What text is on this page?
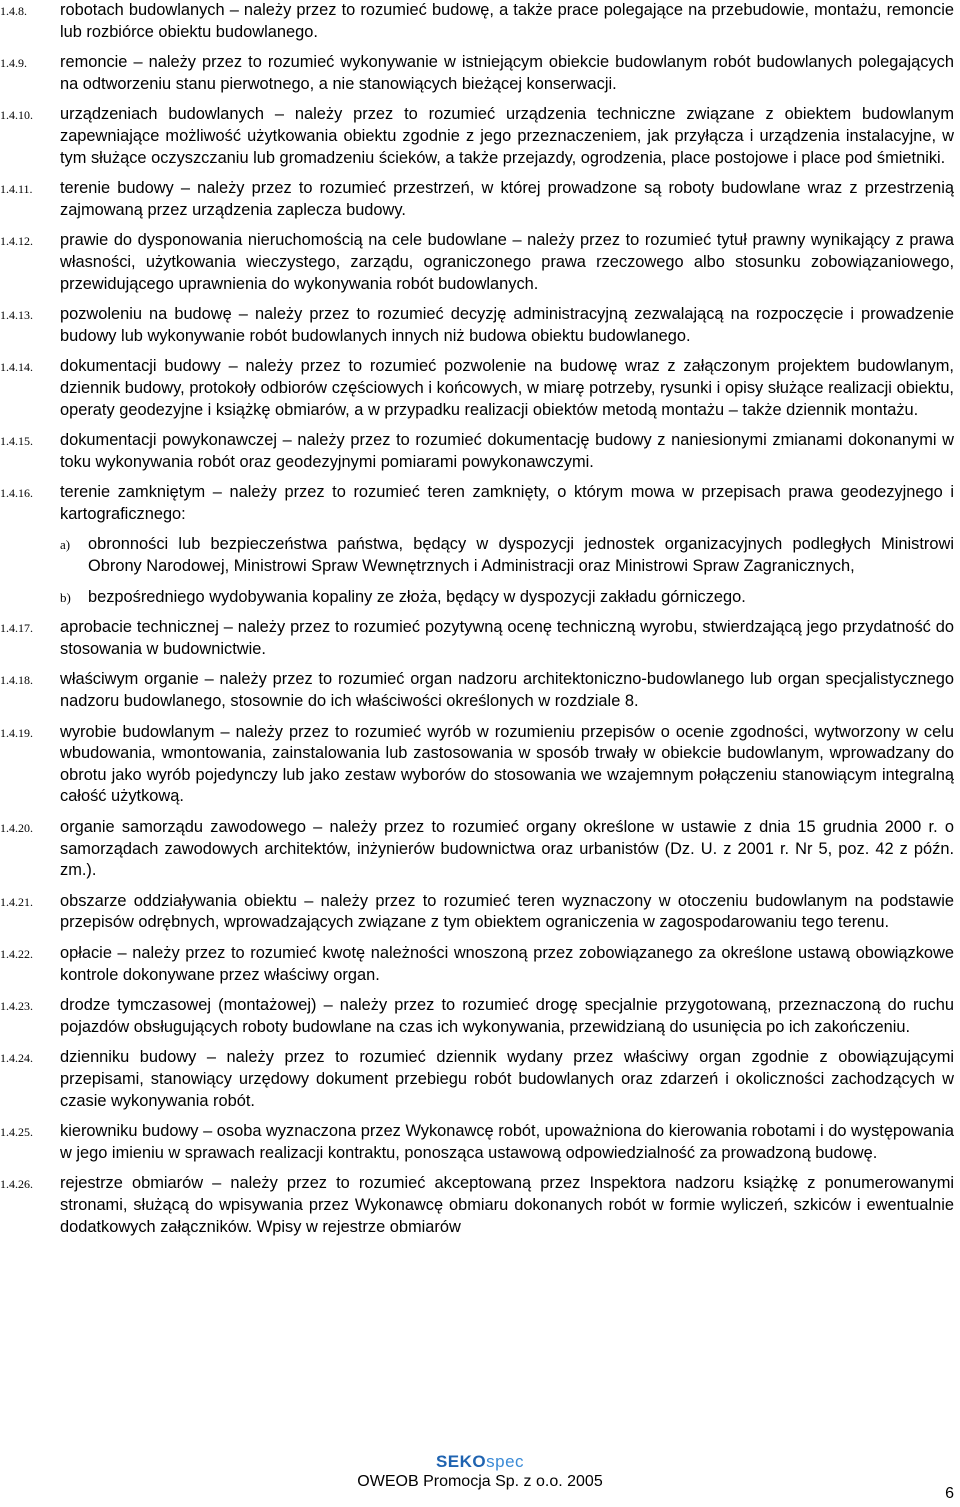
1.4.8.	robotach budowlanych – należy przez to rozumieć budowę, a także prace polegające na przebudowie, montażu, remoncie lub rozbiórce obiektu budowlanego.
1.4.9.	remoncie – należy przez to rozumieć wykonywanie w istniejącym obiekcie budowlanym robót budowlanych polegających na odtworzeniu stanu pierwotnego, a nie stanowiących bieżącej konserwacji.
1.4.10.	urządzeniach budowlanych – należy przez to rozumieć urządzenia techniczne związane z obiektem budowlanym zapewniające możliwość użytkowania obiektu zgodnie z jego przeznaczeniem, jak przyłącza i urządzenia instalacyjne, w tym służące oczyszczaniu lub gromadzeniu ścieków, a także przejazdy, ogrodzenia, place postojowe i place pod śmietniki.
1.4.11.	terenie budowy – należy przez to rozumieć przestrzeń, w której prowadzone są roboty budowlane wraz z przestrzenią zajmowaną przez urządzenia zaplecza budowy.
1.4.12.	prawie do dysponowania nieruchomością na cele budowlane – należy przez to rozumieć tytuł prawny wynikający z prawa własności, użytkowania wieczystego, zarządu, ograniczonego prawa rzeczowego albo stosunku zobowiązaniowego, przewidującego uprawnienia do wykonywania robót budowlanych.
1.4.13.	pozwoleniu na budowę – należy przez to rozumieć decyzję administracyjną zezwalającą na rozpoczęcie i prowadzenie budowy lub wykonywanie robót budowlanych innych niż budowa obiektu budowlanego.
1.4.14.	dokumentacji budowy – należy przez to rozumieć pozwolenie na budowę wraz z załączonym projektem budowlanym, dziennik budowy, protokoły odbiorów częściowych i końcowych, w miarę potrzeby, rysunki i opisy służące realizacji obiektu, operaty geodezyjne i książkę obmiarów, a w przypadku realizacji obiektów metodą montażu – także dziennik montażu.
1.4.15.	dokumentacji powykonawczej – należy przez to rozumieć dokumentację budowy z naniesionymi zmianami dokonanymi w toku wykonywania robót oraz geodezyjnymi pomiarami powykonawczymi.
1.4.16.	terenie zamkniętym – należy przez to rozumieć teren zamknięty, o którym mowa w przepisach prawa geodezyjnego i kartograficznego:
a) obronności lub bezpieczeństwa państwa, będący w dyspozycji jednostek organizacyjnych podległych Ministrowi Obrony Narodowej, Ministrowi Spraw Wewnętrznych i Administracji oraz Ministrowi Spraw Zagranicznych,
b) bezpośredniego wydobywania kopaliny ze złoża, będący w dyspozycji zakładu górniczego.
1.4.17.	aprobacie technicznej – należy przez to rozumieć pozytywną ocenę techniczną wyrobu, stwierdzającą jego przydatność do stosowania w budownictwie.
1.4.18.	właściwym organie – należy przez to rozumieć organ nadzoru architektoniczno-budowlanego lub organ specjalistycznego nadzoru budowlanego, stosownie do ich właściwości określonych w rozdziale 8.
1.4.19.	wyrobie budowlanym – należy przez to rozumieć wyrób w rozumieniu przepisów o ocenie zgodności, wytworzony w celu wbudowania, wmontowania, zainstalowania lub zastosowania w sposób trwały w obiekcie budowlanym, wprowadzany do obrotu jako wyrób pojedynczy lub jako zestaw wyborów do stosowania we wzajemnym połączeniu stanowiącym integralną całość użytkową.
1.4.20.	organie samorządu zawodowego – należy przez to rozumieć organy określone w ustawie z dnia 15 grudnia 2000 r. o samorządach zawodowych architektów, inżynierów budownictwa oraz urbanistów (Dz. U. z 2001 r. Nr 5, poz. 42 z późn. zm.).
1.4.21.	obszarze oddziaływania obiektu – należy przez to rozumieć teren wyznaczony w otoczeniu budowlanym na podstawie przepisów odrębnych, wprowadzających związane z tym obiektem ograniczenia w zagospodarowaniu tego terenu.
1.4.22.	opłacie – należy przez to rozumieć kwotę należności wnoszoną przez zobowiązanego za określone ustawą obowiązkowe kontrole dokonywane przez właściwy organ.
1.4.23.	drodze tymczasowej (montażowej) – należy przez to rozumieć drogę specjalnie przygotowaną, przeznaczoną do ruchu pojazdów obsługujących roboty budowlane na czas ich wykonywania, przewidzianą do usunięcia po ich zakończeniu.
1.4.24.	dzienniku budowy – należy przez to rozumieć dziennik wydany przez właściwy organ zgodnie z obowiązującymi przepisami, stanowiący urzędowy dokument przebiegu robót budowlanych oraz zdarzeń i okoliczności zachodzących w czasie wykonywania robót.
1.4.25.	kierowniku budowy – osoba wyznaczona przez Wykonawcę robót, upoważniona do kierowania robotami i do występowania w jego imieniu w sprawach realizacji kontraktu, ponosząca ustawową odpowiedzialność za prowadzoną budowę.
1.4.26.	rejestrze obmiarów – należy przez to rozumieć akceptowaną przez Inspektora nadzoru książkę z ponumerowanymi stronami, służącą do wpisywania przez Wykonawcę obmiaru dokonanych robót w formie wyliczeń, szkiców i ewentualnie dodatkowych załączników. Wpisy w rejestrze obmiarów
SEKOspec
OWEOB Promocja Sp. z o.o. 2005
6
